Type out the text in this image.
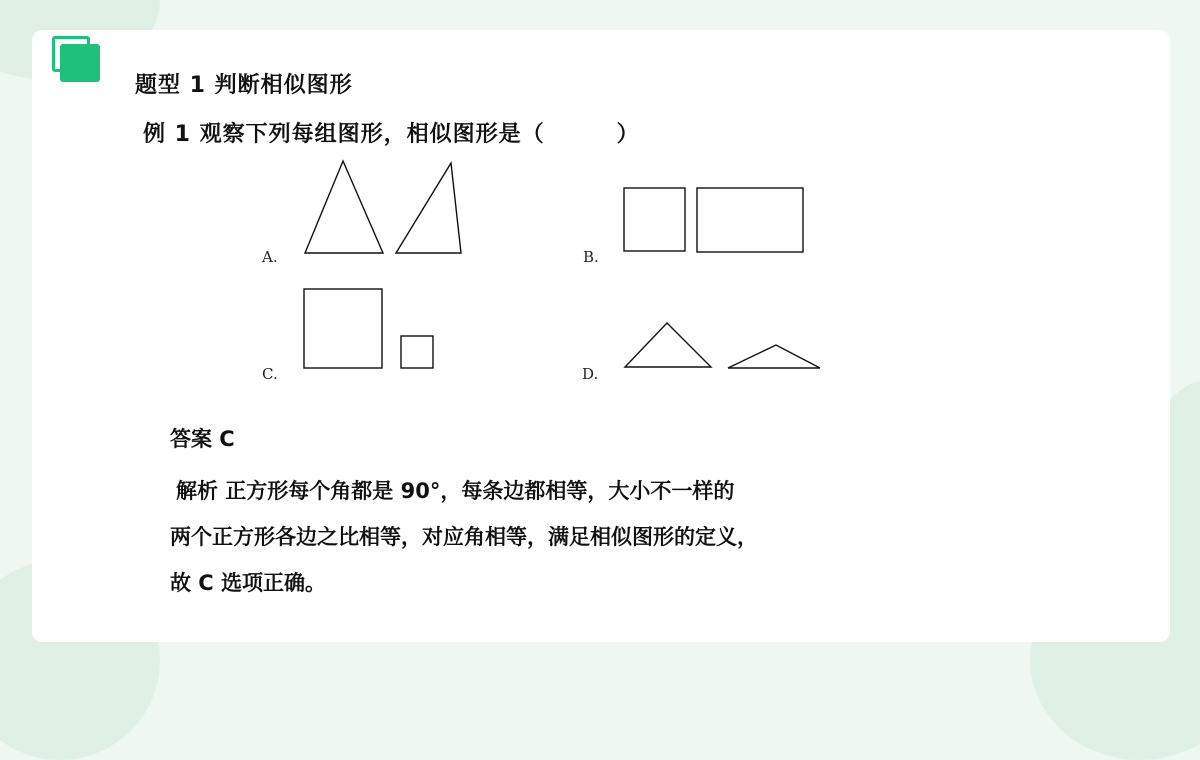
题型 1 判断相似图形
例 1 观察下列每组图形，相似图形是（	）
A.	B.
C.	D.
答案 C
解析 正方形每个角都是 90°，每条边都相等，大小不一样的
两个正方形各边之比相等，对应角相等，满足相似图形的定义，
故 C 选项正确。
